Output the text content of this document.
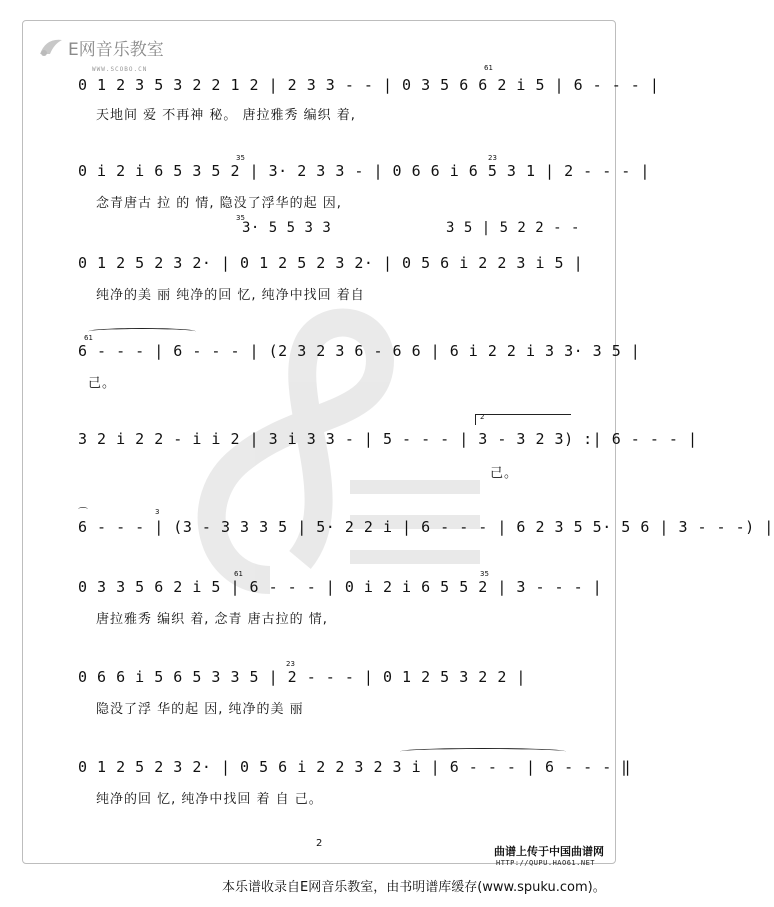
E网音乐教室
WWW.SCOBO.CN
0 1 2 3 5 3 2 2 1 2 | 2 3 3 - - | 0 3 5 6 6 2 i 5 | 6 - - - |
61
天地间 爱 不再神 秘。 唐拉雅秀 编织 着,
0 i 2 i 6 5 3 5 2 | 3· 2 3 3 - | 0 6 6 i 6 5 3 1 | 2 - - - |
35	23
念青唐古 拉 的 情, 隐没了浮华的起 因,
35
3· 5 5 3 3	3 5 | 5 2 2 - -
0 1 2 5 2 3 2· | 0 1 2 5 2 3 2· | 0 5 6 i 2 2 3 i 5 |
纯净的美 丽 纯净的回 忆, 纯净中找回 着自
61
6 - - - | 6 - - - | (2 3 2 3 6 - 6 6 | 6 i 2 2 i 3 3· 3 5 |
己。
2
3 2 i 2 2 - i i 2 | 3 i 3 3 - | 5 - - - | 3 - 3 2 3) :| 6 - - - |
己。
⌒	3
6 - - - | (3 - 3 3 3 5 | 5· 2 2 i | 6 - - - | 6 2 3 5 5· 5 6 | 3 - - -) |
61	35
0 3 3 5 6 2 i 5 | 6 - - - | 0 i 2 i 6 5 5 2 | 3 - - - |
唐拉雅秀 编织 着, 念青 唐古拉的 情,
23
0 6 6 i 5 6 5 3 3 5 | 2 - - - | 0 1 2 5 3 2 2 |
隐没了浮 华的起 因, 纯净的美 丽
0 1 2 5 2 3 2· | 0 5 6 i 2 2 3 2 3 i | 6 - - - | 6 - - - ‖
纯净的回 忆, 纯净中找回 着 自 己。
2
曲谱上传于中国曲谱网
HTTP://QUPU.HAO61.NET
本乐谱收录自E网音乐教室，由书明谱库缓存(www.spuku.com)。
